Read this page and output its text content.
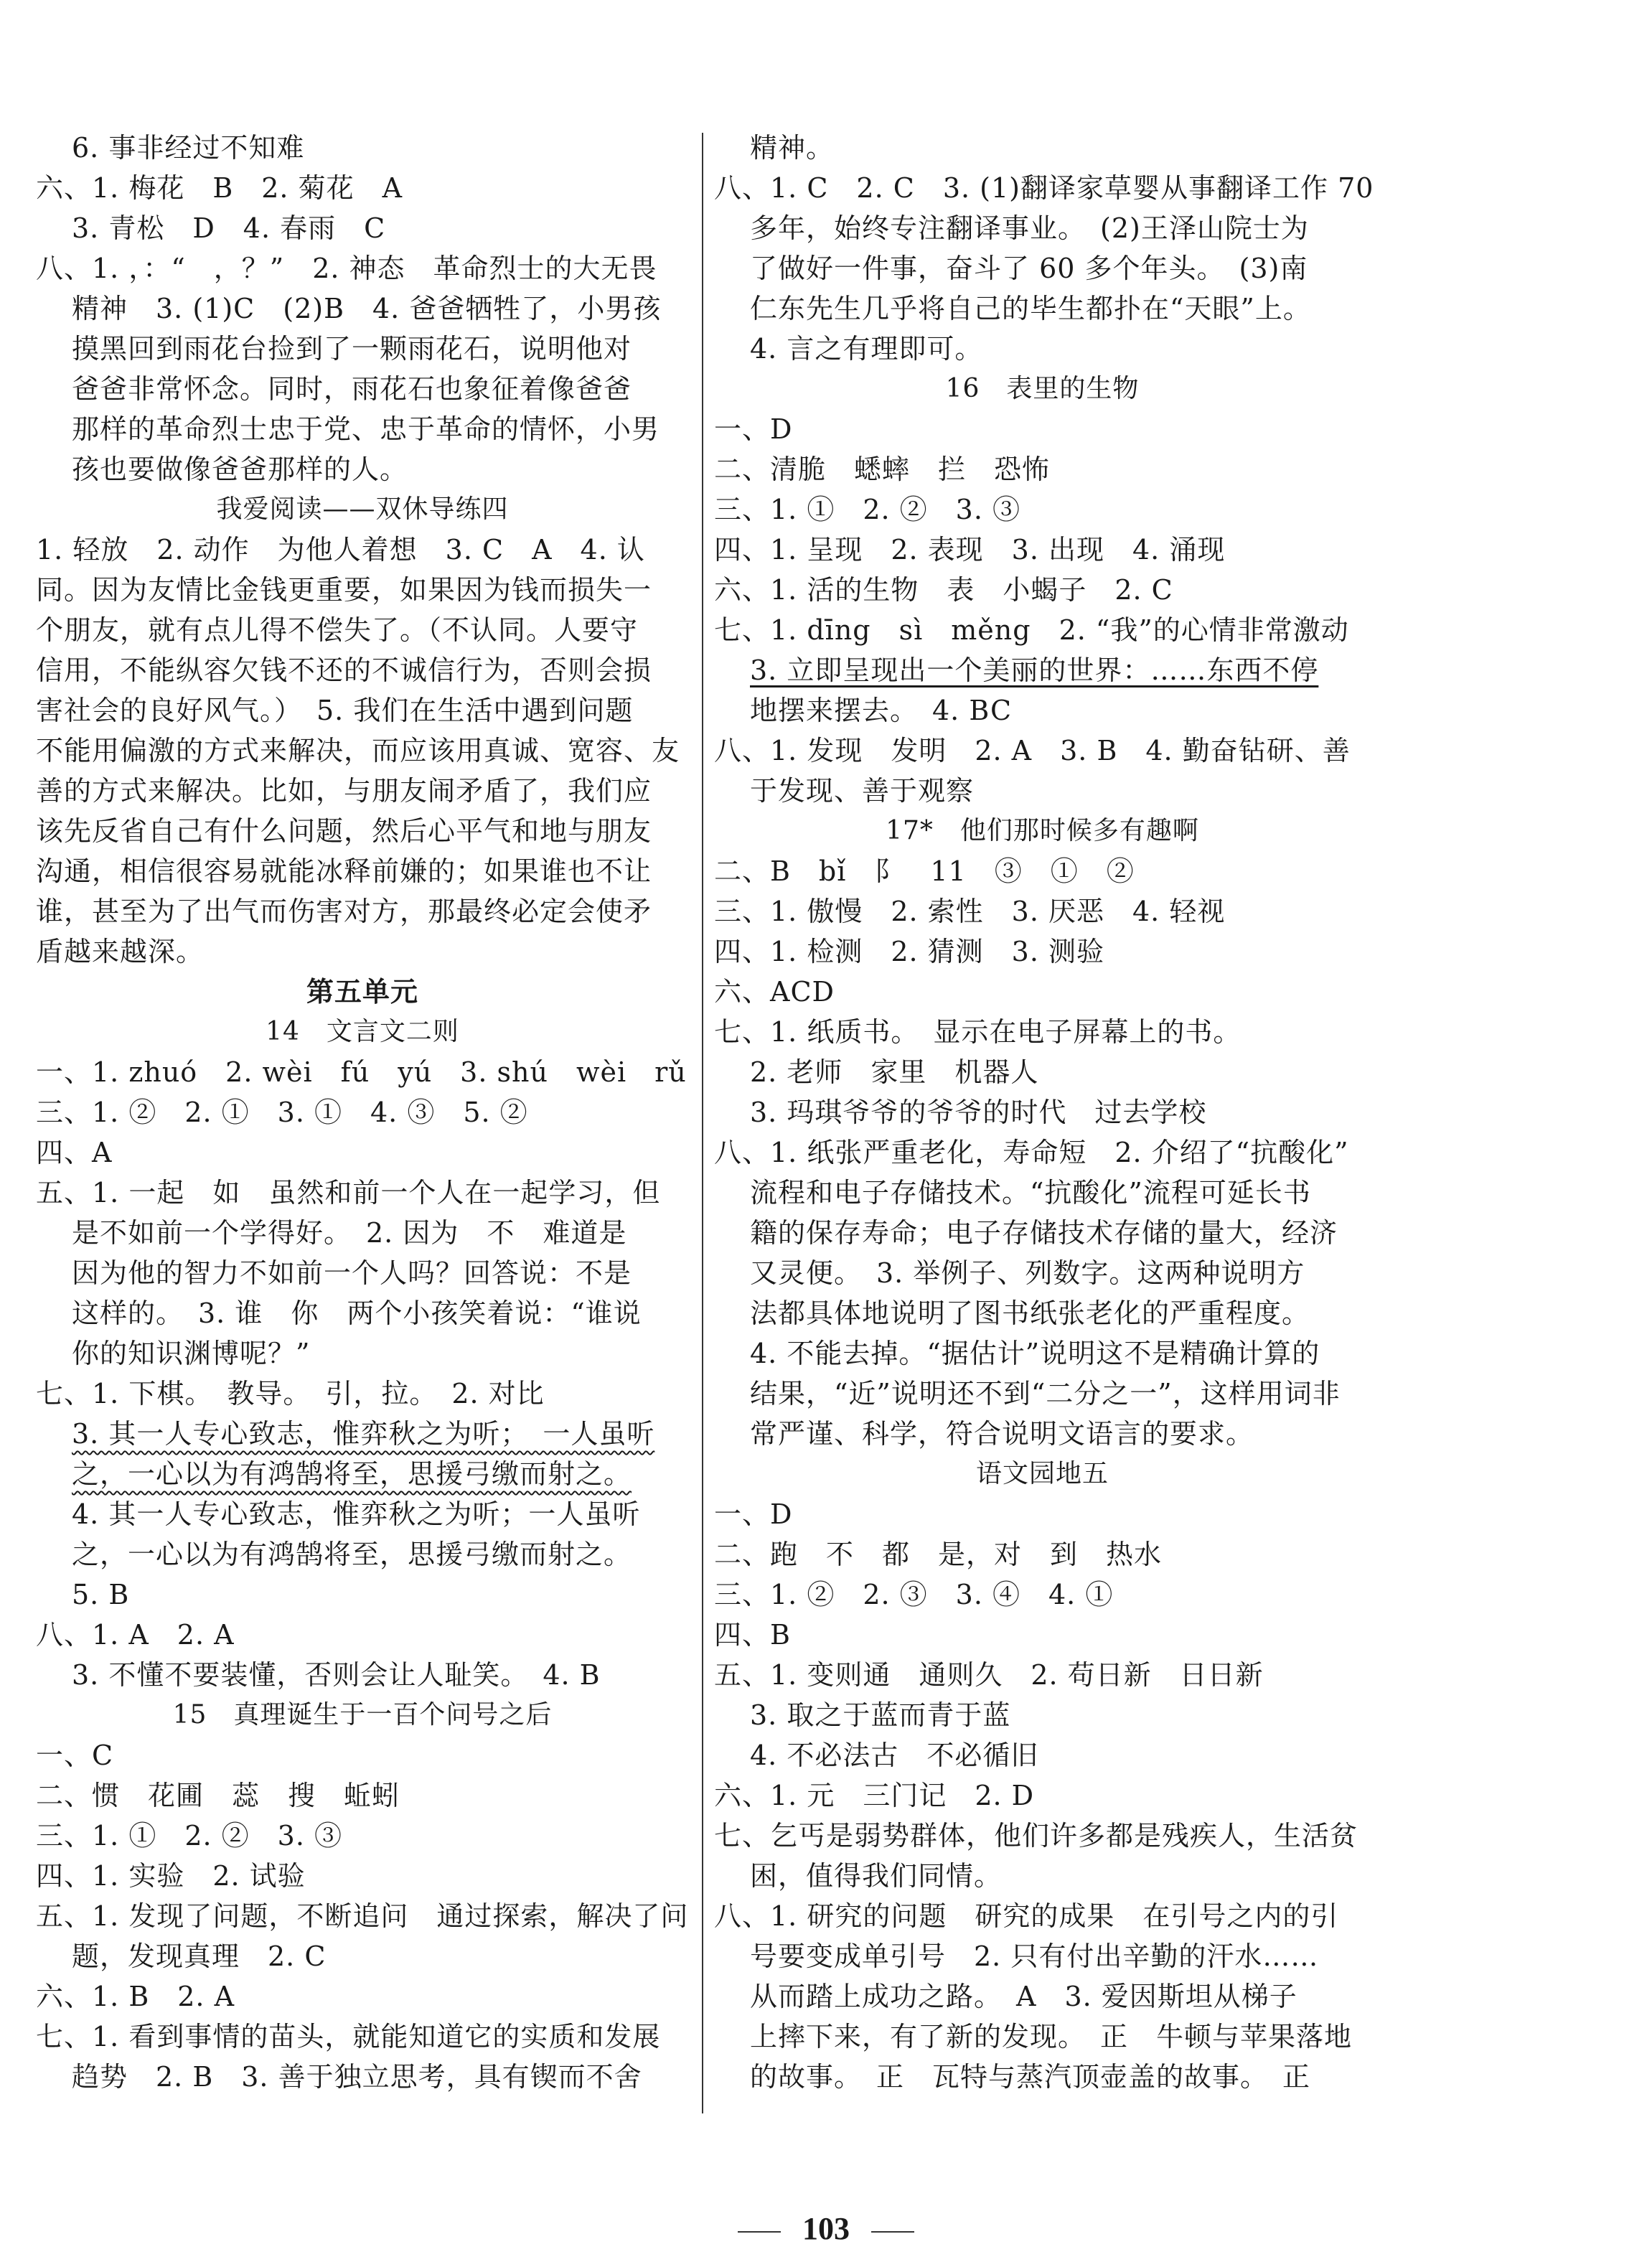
6. 事非经过不知难
六、1. 梅花　B　2. 菊花　A
3. 青松　D　4. 春雨　C
八、1. ，：“　，？”　2. 神态　革命烈士的大无畏
精神　3. (1)C　(2)B　4. 爸爸牺牲了，小男孩
摸黑回到雨花台捡到了一颗雨花石，说明他对
爸爸非常怀念。同时，雨花石也象征着像爸爸
那样的革命烈士忠于党、忠于革命的情怀，小男
孩也要做像爸爸那样的人。
我爱阅读——双休导练四
1. 轻放　2. 动作　为他人着想　3. C　A　4. 认
同。因为友情比金钱更重要，如果因为钱而损失一
个朋友，就有点儿得不偿失了。（不认同。人要守
信用，不能纵容欠钱不还的不诚信行为，否则会损
害社会的良好风气。）　5. 我们在生活中遇到问题
不能用偏激的方式来解决，而应该用真诚、宽容、友
善的方式来解决。比如，与朋友闹矛盾了，我们应
该先反省自己有什么问题，然后心平气和地与朋友
沟通，相信很容易就能冰释前嫌的；如果谁也不让
谁，甚至为了出气而伤害对方，那最终必定会使矛
盾越来越深。
第五单元
14　文言文二则
一、1. zhuó　2. wèi　fú　yú　3. shú　wèi　rǔ
三、1. ②　2. ①　3. ①　4. ③　5. ②
四、A
五、1. 一起　如　虽然和前一个人在一起学习，但
是不如前一个学得好。　2. 因为　不　难道是
因为他的智力不如前一个人吗？回答说：不是
这样的。　3. 谁　你　两个小孩笑着说：“谁说
你的知识渊博呢？”
七、1. 下棋。　教导。　引，拉。　2. 对比
3. 其一人专心致志，惟弈秋之为听；　一人虽听
之，一心以为有鸿鹄将至，思援弓缴而射之。
4. 其一人专心致志，惟弈秋之为听；一人虽听
之，一心以为有鸿鹄将至，思援弓缴而射之。
5. B
八、1. A　2. A
3. 不懂不要装懂，否则会让人耻笑。　4. B
15　真理诞生于一百个问号之后
一、C
二、惯　花圃　蕊　搜　蚯蚓
三、1. ①　2. ②　3. ③
四、1. 实验　2. 试验
五、1. 发现了问题，不断追问　通过探索，解决了问
题，发现真理　2. C
六、1. B　2. A
七、1. 看到事情的苗头，就能知道它的实质和发展
趋势　2. B　3. 善于独立思考，具有锲而不舍
精神。
八、1. C　2. C　3. (1)翻译家草婴从事翻译工作 70
多年，始终专注翻译事业。　(2)王泽山院士为
了做好一件事，奋斗了 60 多个年头。　(3)南
仁东先生几乎将自己的毕生都扑在“天眼”上。
4. 言之有理即可。
16　表里的生物
一、D
二、清脆　蟋蟀　拦　恐怖
三、1. ①　2. ②　3. ③
四、1. 呈现　2. 表现　3. 出现　4. 涌现
六、1. 活的生物　表　小蝎子　2. C
七、1. dīng　sì　měng　2. “我”的心情非常激动
3. 立即呈现出一个美丽的世界：……东西不停
地摆来摆去。　4. BC
八、1. 发现　发明　2. A　3. B　4. 勤奋钻研、善
于发现、善于观察
17*　他们那时候多有趣啊
二、B　bǐ　阝　11　③　①　②
三、1. 傲慢　2. 索性　3. 厌恶　4. 轻视
四、1. 检测　2. 猜测　3. 测验
六、ACD
七、1. 纸质书。　显示在电子屏幕上的书。
2. 老师　家里　机器人
3. 玛琪爷爷的爷爷的时代　过去学校
八、1. 纸张严重老化，寿命短　2. 介绍了“抗酸化”
流程和电子存储技术。“抗酸化”流程可延长书
籍的保存寿命；电子存储技术存储的量大，经济
又灵便。　3. 举例子、列数字。这两种说明方
法都具体地说明了图书纸张老化的严重程度。
4. 不能去掉。“据估计”说明这不是精确计算的
结果，“近”说明还不到“二分之一”，这样用词非
常严谨、科学，符合说明文语言的要求。
语文园地五
一、D
二、跑　不　都　是，对　到　热水
三、1. ②　2. ③　3. ④　4. ①
四、B
五、1. 变则通　通则久　2. 苟日新　日日新
3. 取之于蓝而青于蓝
4. 不必法古　不必循旧
六、1. 元　三门记　2. D
七、乞丐是弱势群体，他们许多都是残疾人，生活贫
困，值得我们同情。
八、1. 研究的问题　研究的成果　在引号之内的引
号要变成单引号　2. 只有付出辛勤的汗水……
从而踏上成功之路。　A　3. 爱因斯坦从梯子
上摔下来，有了新的发现。　正　牛顿与苹果落地
的故事。　正　瓦特与蒸汽顶壶盖的故事。　正
103
